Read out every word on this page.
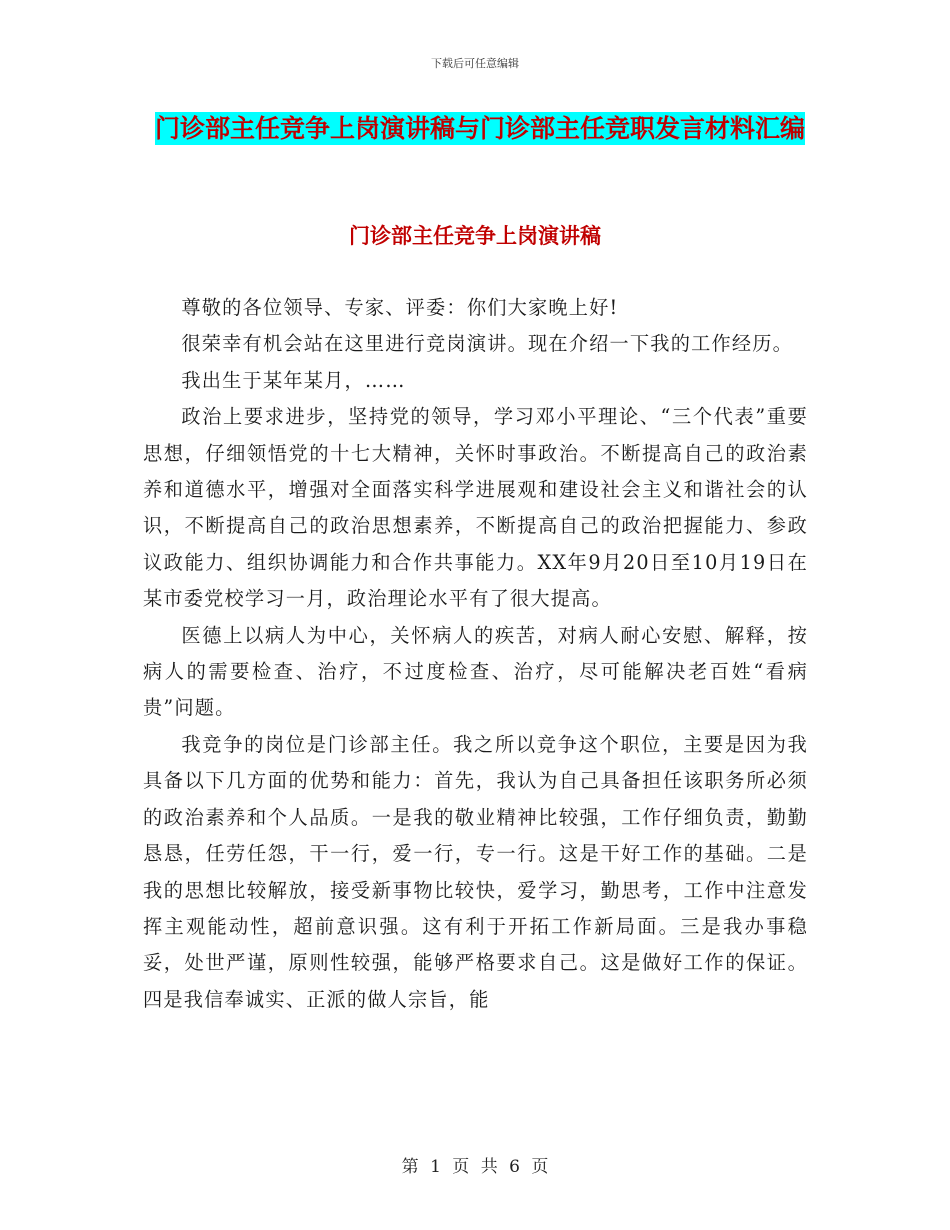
下载后可任意编辑
门诊部主任竞争上岗演讲稿与门诊部主任竞职发言材料汇编
门诊部主任竞争上岗演讲稿

尊敬的各位领导、专家、评委：你们大家晚上好!

很荣幸有机会站在这里进行竞岗演讲。现在介绍一下我的工作经历。

我出生于某年某月，……

政治上要求进步，坚持党的领导，学习邓小平理论、“三个代表”重要思想，仔细领悟党的十七大精神，关怀时事政治。不断提高自己的政治素养和道德水平，增强对全面落实科学进展观和建设社会主义和谐社会的认识，不断提高自己的政治思想素养，不断提高自己的政治把握能力、参政议政能力、组织协调能力和合作共事能力。XX年9月20日至10月19日在某市委党校学习一月，政治理论水平有了很大提高。

医德上以病人为中心，关怀病人的疾苦，对病人耐心安慰、解释，按病人的需要检查、治疗，不过度检查、治疗，尽可能解决老百姓“看病贵”问题。

我竞争的岗位是门诊部主任。我之所以竞争这个职位，主要是因为我具备以下几方面的优势和能力：首先，我认为自己具备担任该职务所必须的政治素养和个人品质。一是我的敬业精神比较强，工作仔细负责，勤勤恳恳，任劳任怨，干一行，爱一行，专一行。这是干好工作的基础。二是我的思想比较解放，接受新事物比较快，爱学习，勤思考，工作中注意发挥主观能动性，超前意识强。这有利于开拓工作新局面。三是我办事稳妥，处世严谨，原则性较强，能够严格要求自己。这是做好工作的保证。四是我信奉诚实、正派的做人宗旨，能

第 1 页 共 6 页
